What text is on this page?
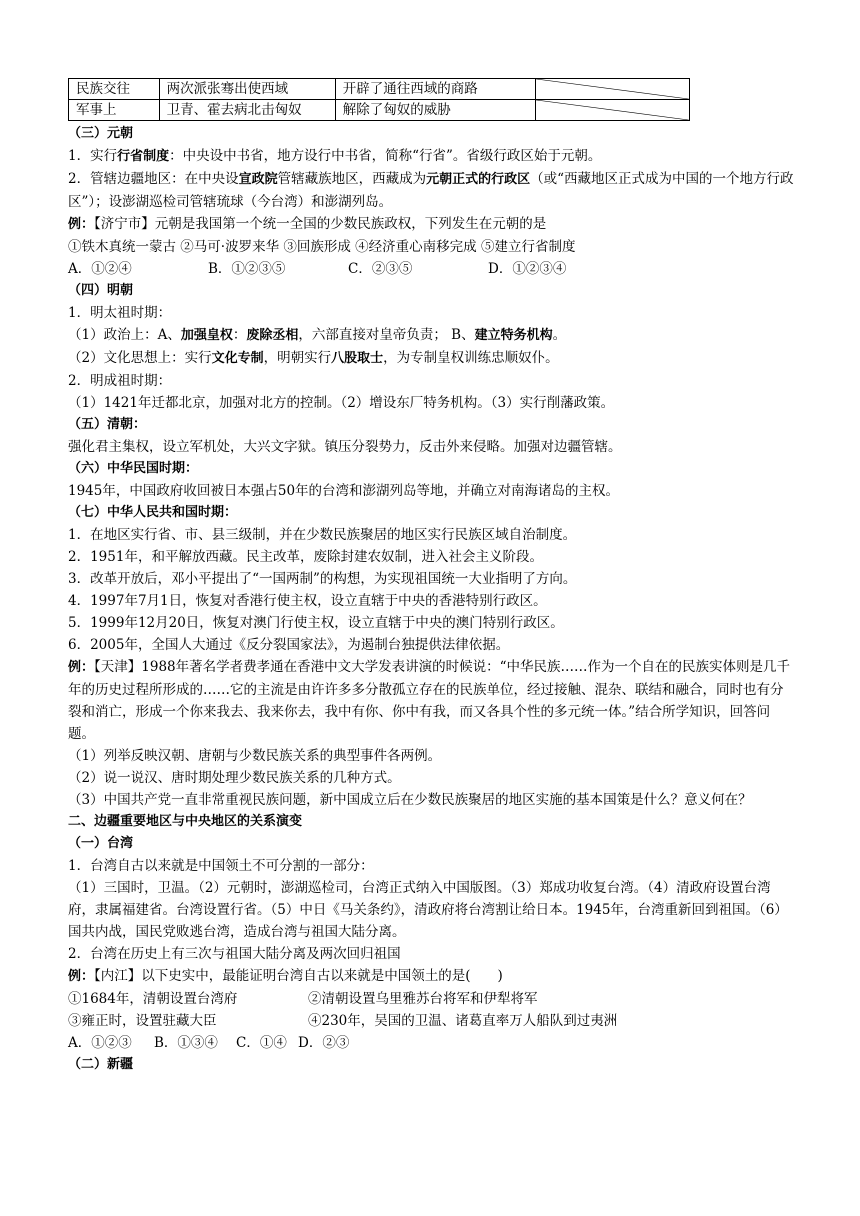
民族交往	两次派张骞出使西域	开辟了通往西域的商路	

军事上	卫青、霍去病北击匈奴	解除了匈奴的威胁	
（三）元朝
1．实行行省制度：中央设中书省，地方设行中书省，简称“行省”。省级行政区始于元朝。
2．管辖边疆地区：在中央设宣政院管辖藏族地区，西藏成为元朝正式的行政区（或“西藏地区正式成为中国的一个地方行政区”）；设澎湖巡检司管辖琉球（今台湾）和澎湖列岛。
例：【济宁市】元朝是我国第一个统一全国的少数民族政权，下列发生在元朝的是
①铁木真统一蒙古 ②马可·波罗来华 ③回族形成 ④经济重心南移完成 ⑤建立行省制度
A．①②④	B．①②③⑤	C．②③⑤	D．①②③④
（四）明朝
1．明太祖时期：
（1）政治上：A、加强皇权：废除丞相，六部直接对皇帝负责； B、建立特务机构。
（2）文化思想上：实行文化专制，明朝实行八股取士，为专制皇权训练忠顺奴仆。
2．明成祖时期：
（1）1421年迁都北京，加强对北方的控制。（2）增设东厂特务机构。（3）实行削藩政策。
（五）清朝：
强化君主集权，设立军机处，大兴文字狱。镇压分裂势力，反击外来侵略。加强对边疆管辖。
（六）中华民国时期：
1945年，中国政府收回被日本强占50年的台湾和澎湖列岛等地，并确立对南海诸岛的主权。
（七）中华人民共和国时期：
1．在地区实行省、市、县三级制，并在少数民族聚居的地区实行民族区域自治制度。
2．1951年，和平解放西藏。民主改革，废除封建农奴制，进入社会主义阶段。
3．改革开放后，邓小平提出了“一国两制”的构想，为实现祖国统一大业指明了方向。
4．1997年7月1日，恢复对香港行使主权，设立直辖于中央的香港特别行政区。
5．1999年12月20日，恢复对澳门行使主权，设立直辖于中央的澳门特别行政区。
6．2005年，全国人大通过《反分裂国家法》，为遏制台独提供法律依据。
例：【天津】1988年著名学者费孝通在香港中文大学发表讲演的时候说：“中华民族……作为一个自在的民族实体则是几千年的历史过程所形成的……它的主流是由许许多多分散孤立存在的民族单位，经过接触、混杂、联结和融合，同时也有分裂和消亡，形成一个你来我去、我来你去，我中有你、你中有我，而又各具个性的多元统一体。”结合所学知识，回答问题。
（1）列举反映汉朝、唐朝与少数民族关系的典型事件各两例。
（2）说一说汉、唐时期处理少数民族关系的几种方式。
（3）中国共产党一直非常重视民族问题，新中国成立后在少数民族聚居的地区实施的基本国策是什么？意义何在？
二、边疆重要地区与中央地区的关系演变
（一）台湾
1．台湾自古以来就是中国领土不可分割的一部分：
（1）三国时，卫温。（2）元朝时，澎湖巡检司，台湾正式纳入中国版图。（3）郑成功收复台湾。（4）清政府设置台湾府，隶属福建省。台湾设置行省。（5）中日《马关条约》，清政府将台湾割让给日本。1945年，台湾重新回到祖国。（6）国共内战，国民党败逃台湾，造成台湾与祖国大陆分离。
2．台湾在历史上有三次与祖国大陆分离及两次回归祖国
例：【内江】以下史实中，最能证明台湾自古以来就是中国领土的是(　　)
①1684年，清朝设置台湾府	②清朝设置乌里雅苏台将军和伊犁将军
③雍正时，设置驻藏大臣	④230年，吴国的卫温、诸葛直率万人船队到过夷洲
A．①②③ B．①③④ C．①④ D．②③
（二）新疆
